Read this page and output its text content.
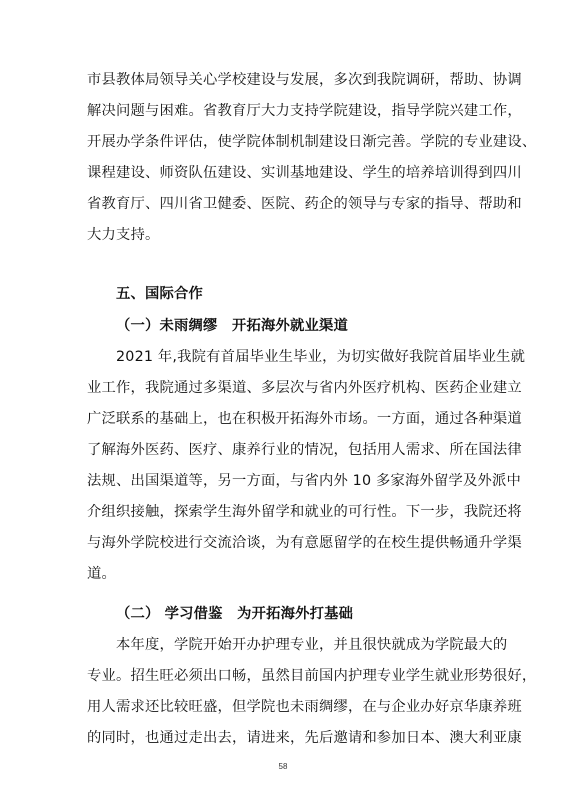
市县教体局领导关心学校建设与发展，多次到我院调研，帮助、协调
解决问题与困难。省教育厅大力支持学院建设，指导学院兴建工作，
开展办学条件评估，使学院体制机制建设日渐完善。学院的专业建设、
课程建设、师资队伍建设、实训基地建设、学生的培养培训得到四川
省教育厅、四川省卫健委、医院、药企的领导与专家的指导、帮助和
大力支持。
五、国际合作
（一）未雨绸缪　开拓海外就业渠道
2021 年,我院有首届毕业生毕业，为切实做好我院首届毕业生就
业工作，我院通过多渠道、多层次与省内外医疗机构、医药企业建立
广泛联系的基础上，也在积极开拓海外市场。一方面，通过各种渠道
了解海外医药、医疗、康养行业的情况，包括用人需求、所在国法律
法规、出国渠道等，另一方面，与省内外 10 多家海外留学及外派中
介组织接触，探索学生海外留学和就业的可行性。下一步，我院还将
与海外学院校进行交流洽谈，为有意愿留学的在校生提供畅通升学渠
道。
（二） 学习借鉴　为开拓海外打基础
本年度，学院开始开办护理专业，并且很快就成为学院最大的
专业。招生旺必须出口畅，虽然目前国内护理专业学生就业形势很好，
用人需求还比较旺盛，但学院也未雨绸缪，在与企业办好京华康养班
的同时，也通过走出去，请进来，先后邀请和参加日本、澳大利亚康
58
